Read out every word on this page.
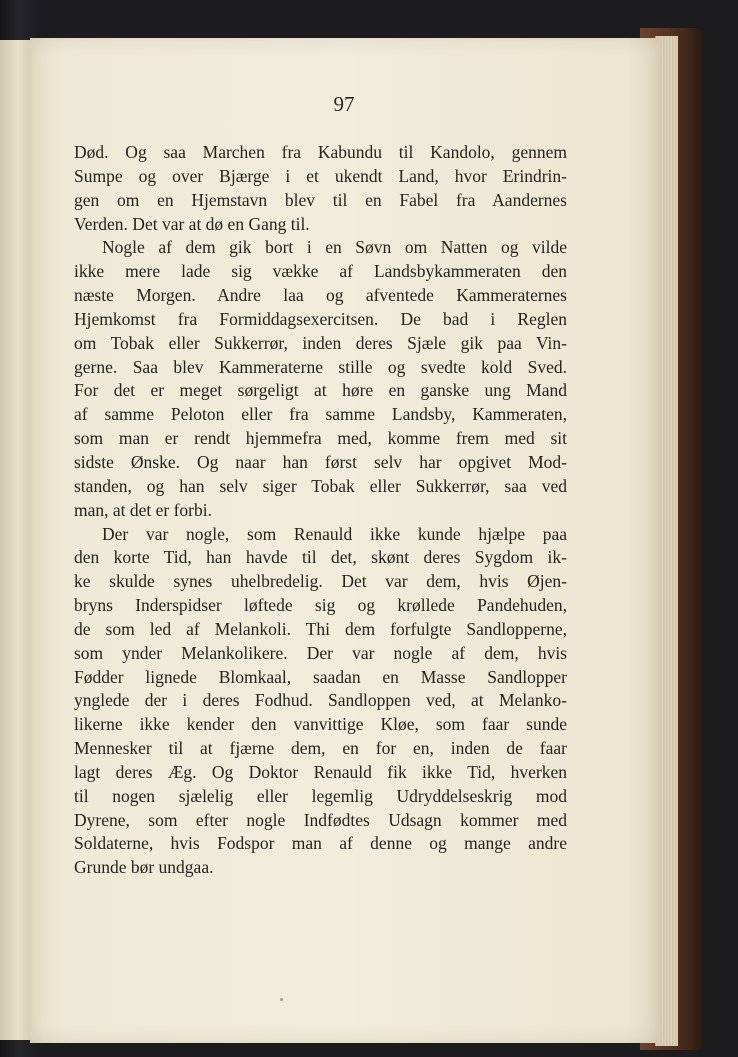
97
Død. Og saa Marchen fra Kabundu til Kandolo, gennem
Sumpe og over Bjærge i et ukendt Land, hvor Erindrin-
gen om en Hjemstavn blev til en Fabel fra Aandernes
Verden. Det var at dø en Gang til.
Nogle af dem gik bort i en Søvn om Natten og vilde
ikke mere lade sig vække af Landsbykammeraten den
næste Morgen. Andre laa og afventede Kammeraternes
Hjemkomst fra Formiddagsexercitsen. De bad i Reglen
om Tobak eller Sukkerrør, inden deres Sjæle gik paa Vin-
gerne. Saa blev Kammeraterne stille og svedte kold Sved.
For det er meget sørgeligt at høre en ganske ung Mand
af samme Peloton eller fra samme Landsby, Kammeraten,
som man er rendt hjemmefra med, komme frem med sit
sidste Ønske. Og naar han først selv har opgivet Mod-
standen, og han selv siger Tobak eller Sukkerrør, saa ved
man, at det er forbi.
Der var nogle, som Renauld ikke kunde hjælpe paa
den korte Tid, han havde til det, skønt deres Sygdom ik-
ke skulde synes uhelbredelig. Det var dem, hvis Øjen-
bryns Inderspidser løftede sig og krøllede Pandehuden,
de som led af Melankoli. Thi dem forfulgte Sandlopperne,
som ynder Melankolikere. Der var nogle af dem, hvis
Fødder lignede Blomkaal, saadan en Masse Sandlopper
ynglede der i deres Fodhud. Sandloppen ved, at Melanko-
likerne ikke kender den vanvittige Kløe, som faar sunde
Mennesker til at fjærne dem, en for en, inden de faar
lagt deres Æg. Og Doktor Renauld fik ikke Tid, hverken
til nogen sjælelig eller legemlig Udryddelseskrig mod
Dyrene, som efter nogle Indfødtes Udsagn kommer med
Soldaterne, hvis Fodspor man af denne og mange andre
Grunde bør undgaa.
